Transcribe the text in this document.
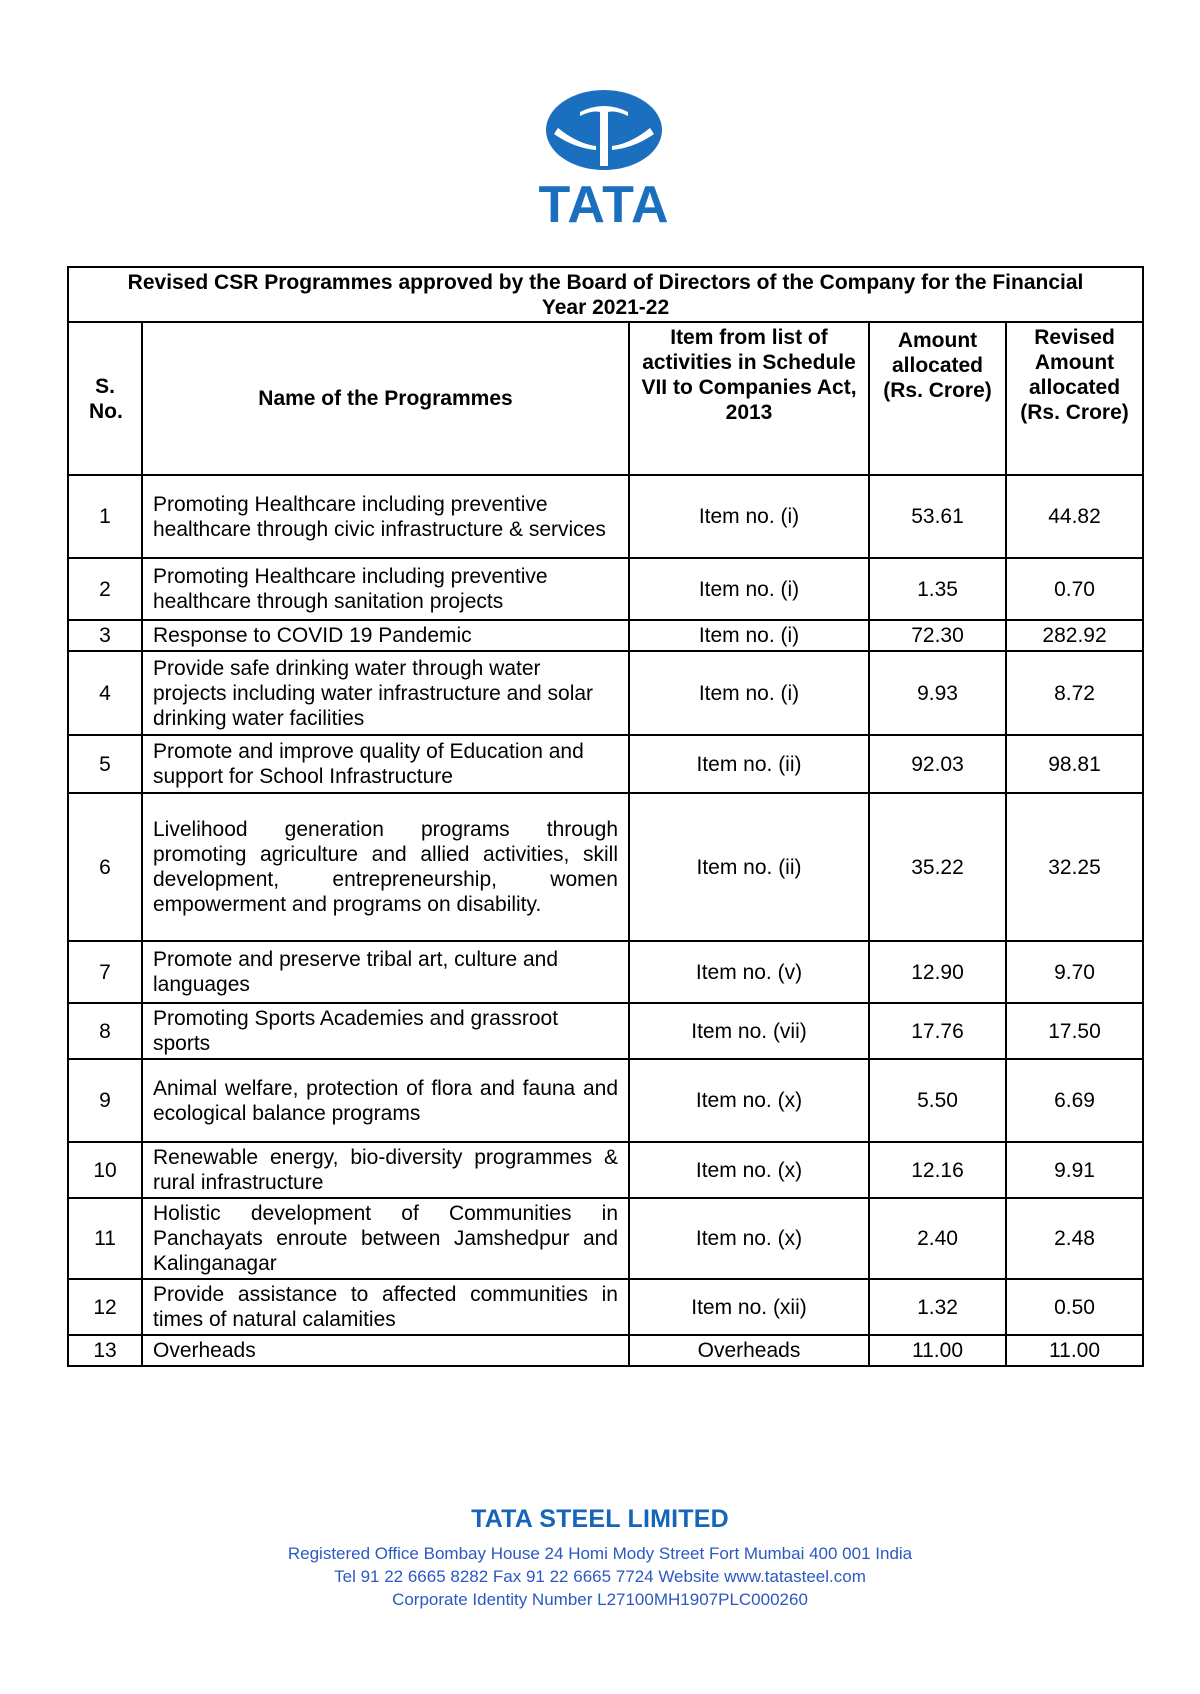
TATA
Revised CSR Programmes approved by the Board of Directors of the Company for the Financial Year 2021-22				
S. No.	Name of the Programmes	Item from list of activities in Schedule VII to Companies Act, 2013	Amount allocated (Rs. Crore)	Revised Amount allocated (Rs. Crore)
1	Promoting Healthcare including preventive healthcare through civic infrastructure & services	Item no. (i)	53.61	44.82
2	Promoting Healthcare including preventive healthcare through sanitation projects	Item no. (i)	1.35	0.70
3	Response to COVID 19 Pandemic	Item no. (i)	72.30	282.92
4	Provide safe drinking water through water projects including water infrastructure and solar drinking water facilities	Item no. (i)	9.93	8.72
5	Promote and improve quality of Education and support for School Infrastructure	Item no. (ii)	92.03	98.81
6	Livelihood generation programs through promoting agriculture and allied activities, skill development, entrepreneurship, women empowerment and programs on disability.	Item no. (ii)	35.22	32.25
7	Promote and preserve tribal art, culture and languages	Item no. (v)	12.90	9.70
8	Promoting Sports Academies and grassroot sports	Item no. (vii)	17.76	17.50
9	Animal welfare, protection of flora and fauna and ecological balance programs	Item no. (x)	5.50	6.69
10	Renewable energy, bio-diversity programmes & rural infrastructure	Item no. (x)	12.16	9.91
11	Holistic development of Communities in Panchayats enroute between Jamshedpur and Kalinganagar	Item no. (x)	2.40	2.48
12	Provide assistance to affected communities in times of natural calamities	Item no. (xii)	1.32	0.50
13	Overheads	Overheads	11.00	11.00
TATA STEEL LIMITED
Registered Office Bombay House 24 Homi Mody Street Fort Mumbai 400 001 India
Tel 91 22 6665 8282 Fax 91 22 6665 7724 Website www.tatasteel.com
Corporate Identity Number L27100MH1907PLC000260
